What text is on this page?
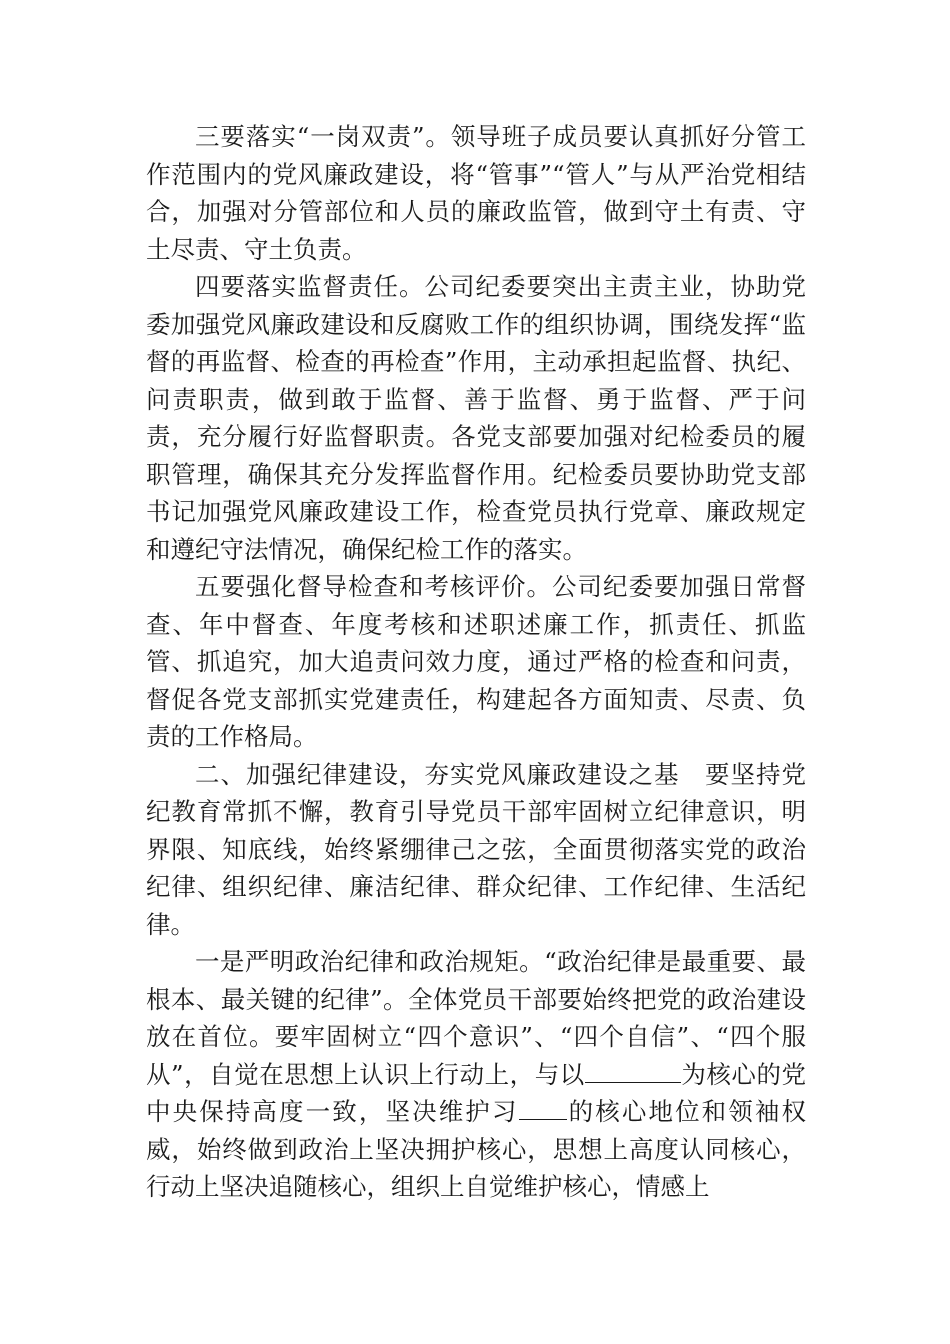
三要落实“一岗双责”。领导班子成员要认真抓好分管工作范围内的党风廉政建设，将“管事”“管人”与从严治党相结合，加强对分管部位和人员的廉政监管，做到守土有责、守土尽责、守土负责。

四要落实监督责任。公司纪委要突出主责主业，协助党委加强党风廉政建设和反腐败工作的组织协调，围绕发挥“监督的再监督、检查的再检查”作用，主动承担起监督、执纪、问责职责，做到敢于监督、善于监督、勇于监督、严于问责，充分履行好监督职责。各党支部要加强对纪检委员的履职管理，确保其充分发挥监督作用。纪检委员要协助党支部书记加强党风廉政建设工作，检查党员执行党章、廉政规定和遵纪守法情况，确保纪检工作的落实。

五要强化督导检查和考核评价。公司纪委要加强日常督查、年中督查、年度考核和述职述廉工作，抓责任、抓监管、抓追究，加大追责问效力度，通过严格的检查和问责，督促各党支部抓实党建责任，构建起各方面知责、尽责、负责的工作格局。

二、加强纪律建设，夯实党风廉政建设之基　要坚持党纪教育常抓不懈，教育引导党员干部牢固树立纪律意识，明界限、知底线，始终紧绷律己之弦，全面贯彻落实党的政治纪律、组织纪律、廉洁纪律、群众纪律、工作纪律、生活纪律。

一是严明政治纪律和政治规矩。“政治纪律是最重要、最根本、最关键的纪律”。全体党员干部要始终把党的政治建设放在首位。要牢固树立“四个意识”、“四个自信”、“四个服从”，自觉在思想上认识上行动上，与以	为核心的党中央保持高度一致，坚决维护习 的核心地位和领袖权威，始终做到政治上坚决拥护核心，思想上高度认同核心，行动上坚决追随核心，组织上自觉维护核心，情感上
